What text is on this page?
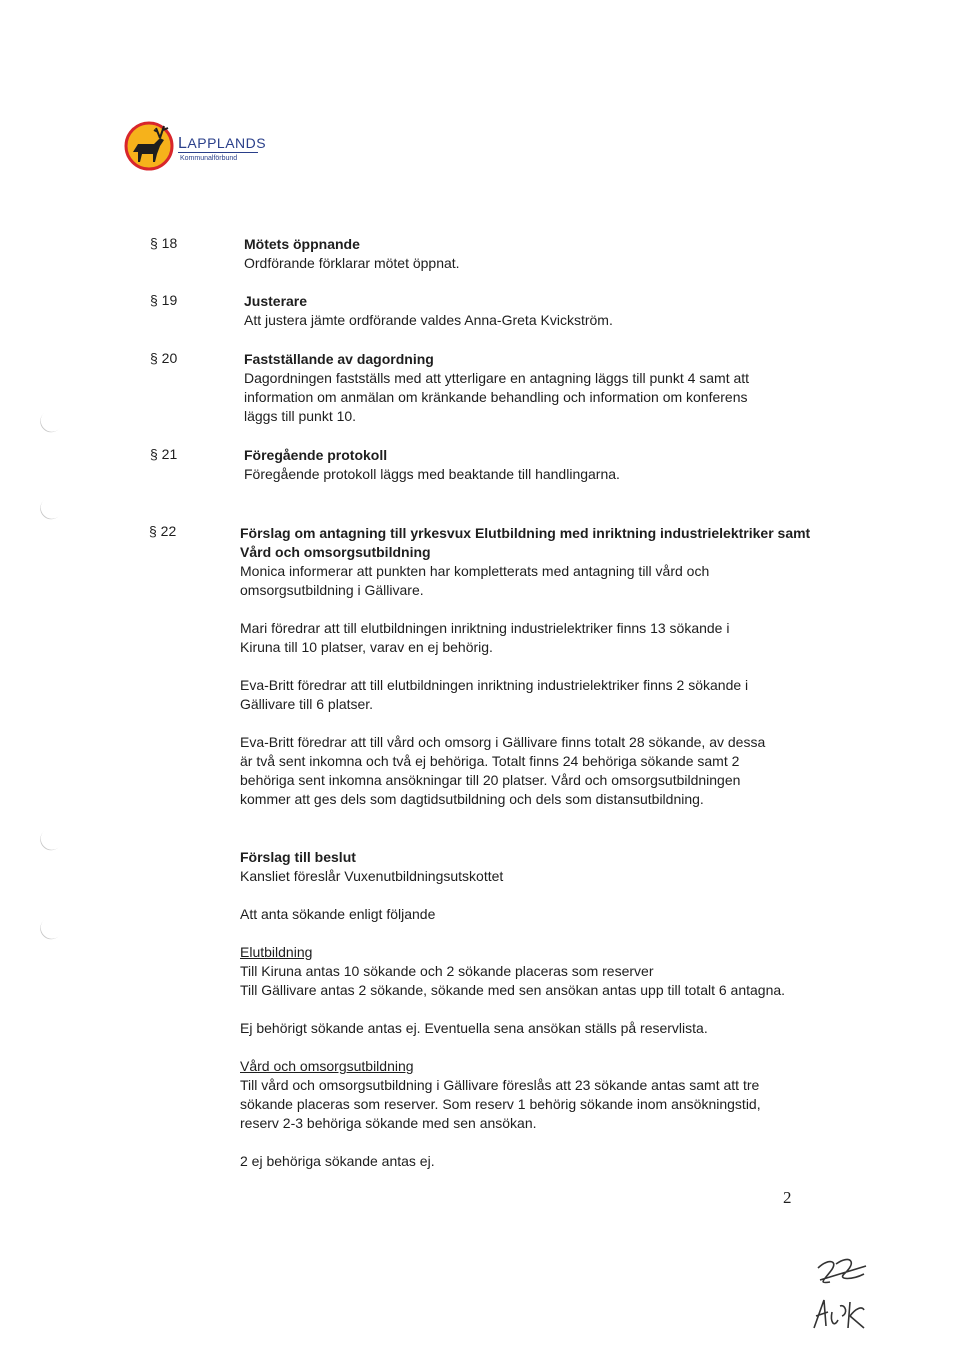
LAPPLANDS
Kommunalförbund
§ 18	Mötets öppnande
Ordförande förklarar mötet öppnat.
§ 19	Justerare
Att justera jämte ordförande valdes Anna-Greta Kvickström.
§ 20	Fastställande av dagordning
Dagordningen fastställs med att ytterligare en antagning läggs till punkt 4 samt att
information om anmälan om kränkande behandling och information om konferens
läggs till punkt 10.
§ 21	Föregående protokoll
Föregående protokoll läggs med beaktande till handlingarna.
§ 22	Förslag om antagning till yrkesvux Elutbildning med inriktning industrielektriker samt
Vård och omsorgsutbildning
Monica informerar att punkten har kompletterats med antagning till vård och
omsorgsutbildning i Gällivare.
Mari föredrar att till elutbildningen inriktning industrielektriker finns 13 sökande i
Kiruna till 10 platser, varav en ej behörig.
Eva-Britt föredrar att till elutbildningen inriktning industrielektriker finns 2 sökande i
Gällivare till 6 platser.
Eva-Britt föredrar att till vård och omsorg i Gällivare finns totalt 28 sökande, av dessa
är två sent inkomna och två ej behöriga. Totalt finns 24 behöriga sökande samt 2
behöriga sent inkomna ansökningar till 20 platser. Vård och omsorgsutbildningen
kommer att ges dels som dagtidsutbildning och dels som distansutbildning.
Förslag till beslut
Kansliet föreslår Vuxenutbildningsutskottet
Att anta sökande enligt följande
Elutbildning
Till Kiruna antas 10 sökande och 2 sökande placeras som reserver
Till Gällivare antas 2 sökande, sökande med sen ansökan antas upp till totalt 6 antagna.
Ej behörigt sökande antas ej. Eventuella sena ansökan ställs på reservlista.
Vård och omsorgsutbildning
Till vård och omsorgsutbildning i Gällivare föreslås att 23 sökande antas samt att tre
sökande placeras som reserver. Som reserv 1 behörig sökande inom ansökningstid,
reserv 2-3 behöriga sökande med sen ansökan.
2 ej behöriga sökande antas ej.
2
